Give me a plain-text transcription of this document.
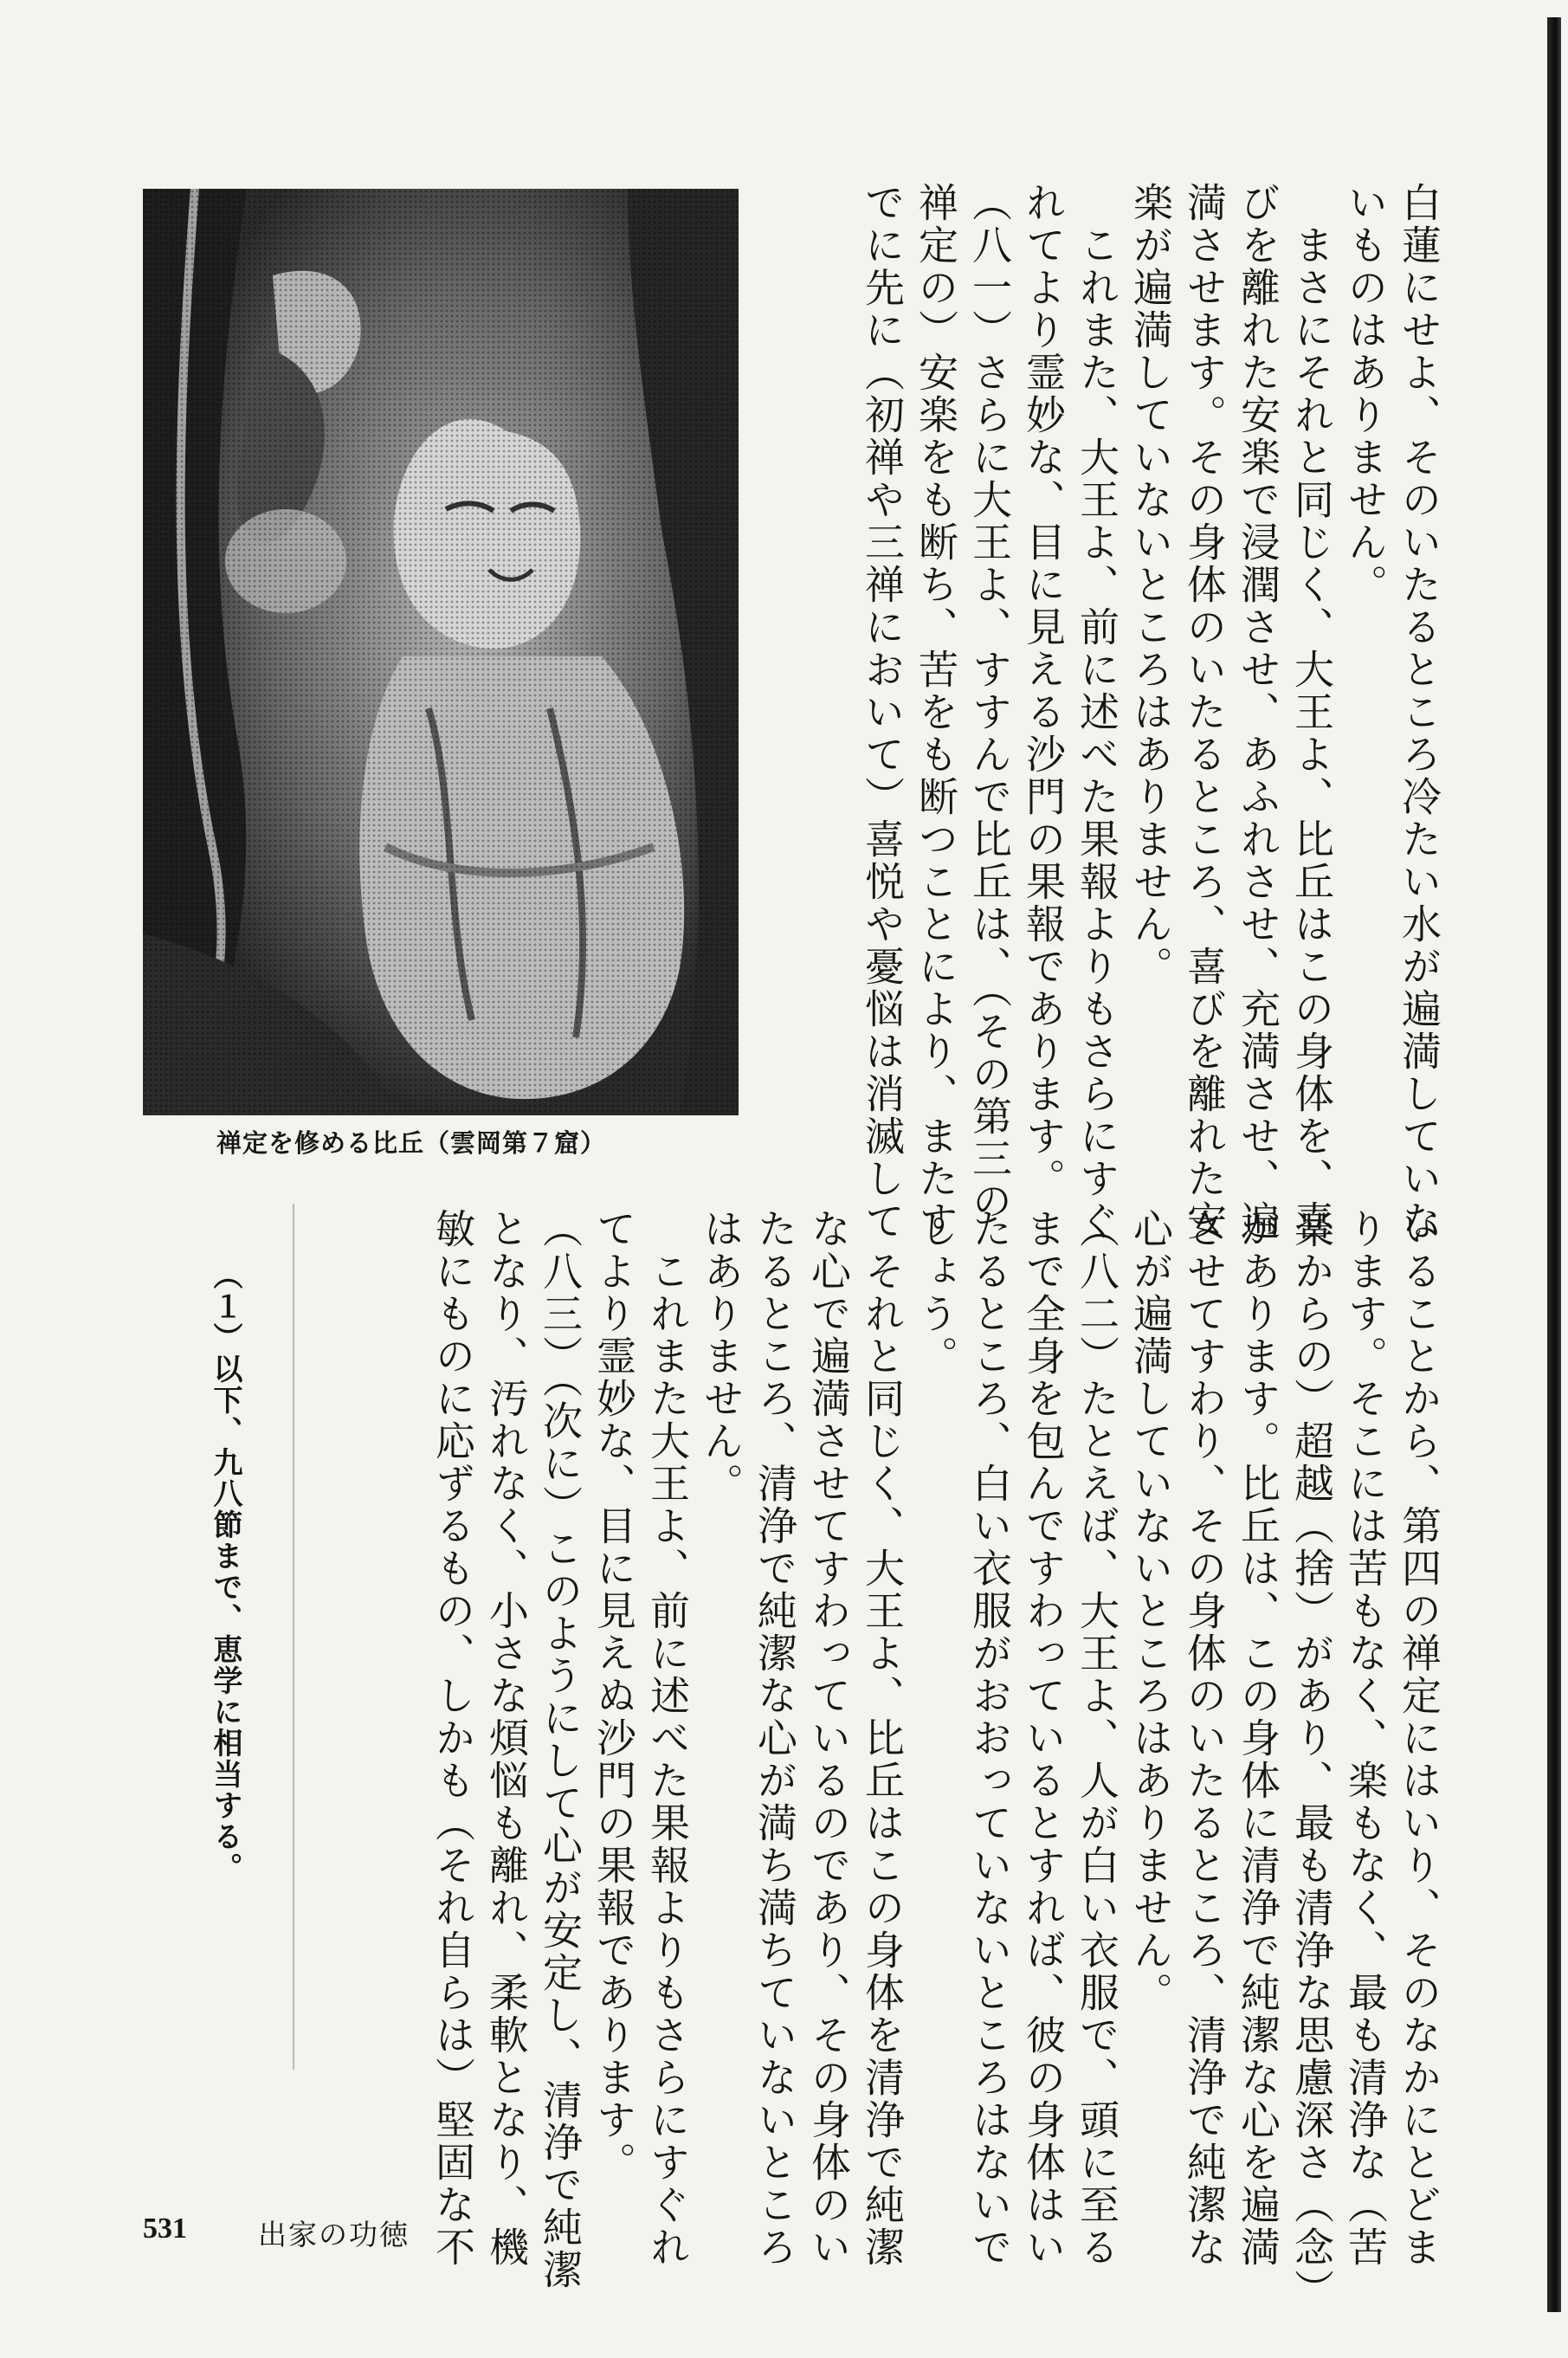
白蓮にせよ、そのいたるところ冷たい水が遍満していな
いものはありません。
　まさにそれと同じく、大王よ、比丘はこの身体を、喜
びを離れた安楽で浸潤させ、あふれさせ、充満させ、遍
満させます。その身体のいたるところ、喜びを離れた安
楽が遍満していないところはありません。
　これまた、大王よ、前に述べた果報よりもさらにすぐ
れてより霊妙な、目に見える沙門の果報であります。
（八一）さらに大王よ、すすんで比丘は、（その第三の
禅定の）安楽をも断ち、苦をも断つことにより、またす
でに先に（初禅や三禅において）喜悦や憂悩は消滅して
禅定を修める比丘（雲岡第７窟）
いることから、第四の禅定にはいり、そのなかにとどま
ります。そこには苦もなく、楽もなく、最も清浄な（苦
楽からの）超越（捨）があり、最も清浄な思慮深さ（念）
があります。比丘は、この身体に清浄で純潔な心を遍満
させてすわり、その身体のいたるところ、清浄で純潔な
心が遍満していないところはありません。
（八二）たとえば、大王よ、人が白い衣服で、頭に至る
まで全身を包んですわっているとすれば、彼の身体はい
たるところ、白い衣服がおおっていないところはないで
しょう。
　それと同じく、大王よ、比丘はこの身体を清浄で純潔
な心で遍満させてすわっているのであり、その身体のい
たるところ、清浄で純潔な心が満ち満ちていないところ
はありません。
　これまた大王よ、前に述べた果報よりもさらにすぐれ
てより霊妙な、目に見えぬ沙門の果報であります。
（八三）（次に）このようにして心が安定し、清浄で純潔
となり、汚れなく、小さな煩悩も離れ、柔軟となり、機
敏にものに応ずるもの、しかも（それ自らは）堅固な不
（１）以下、九八節まで、恵学に相当する。
531 出家の功徳
